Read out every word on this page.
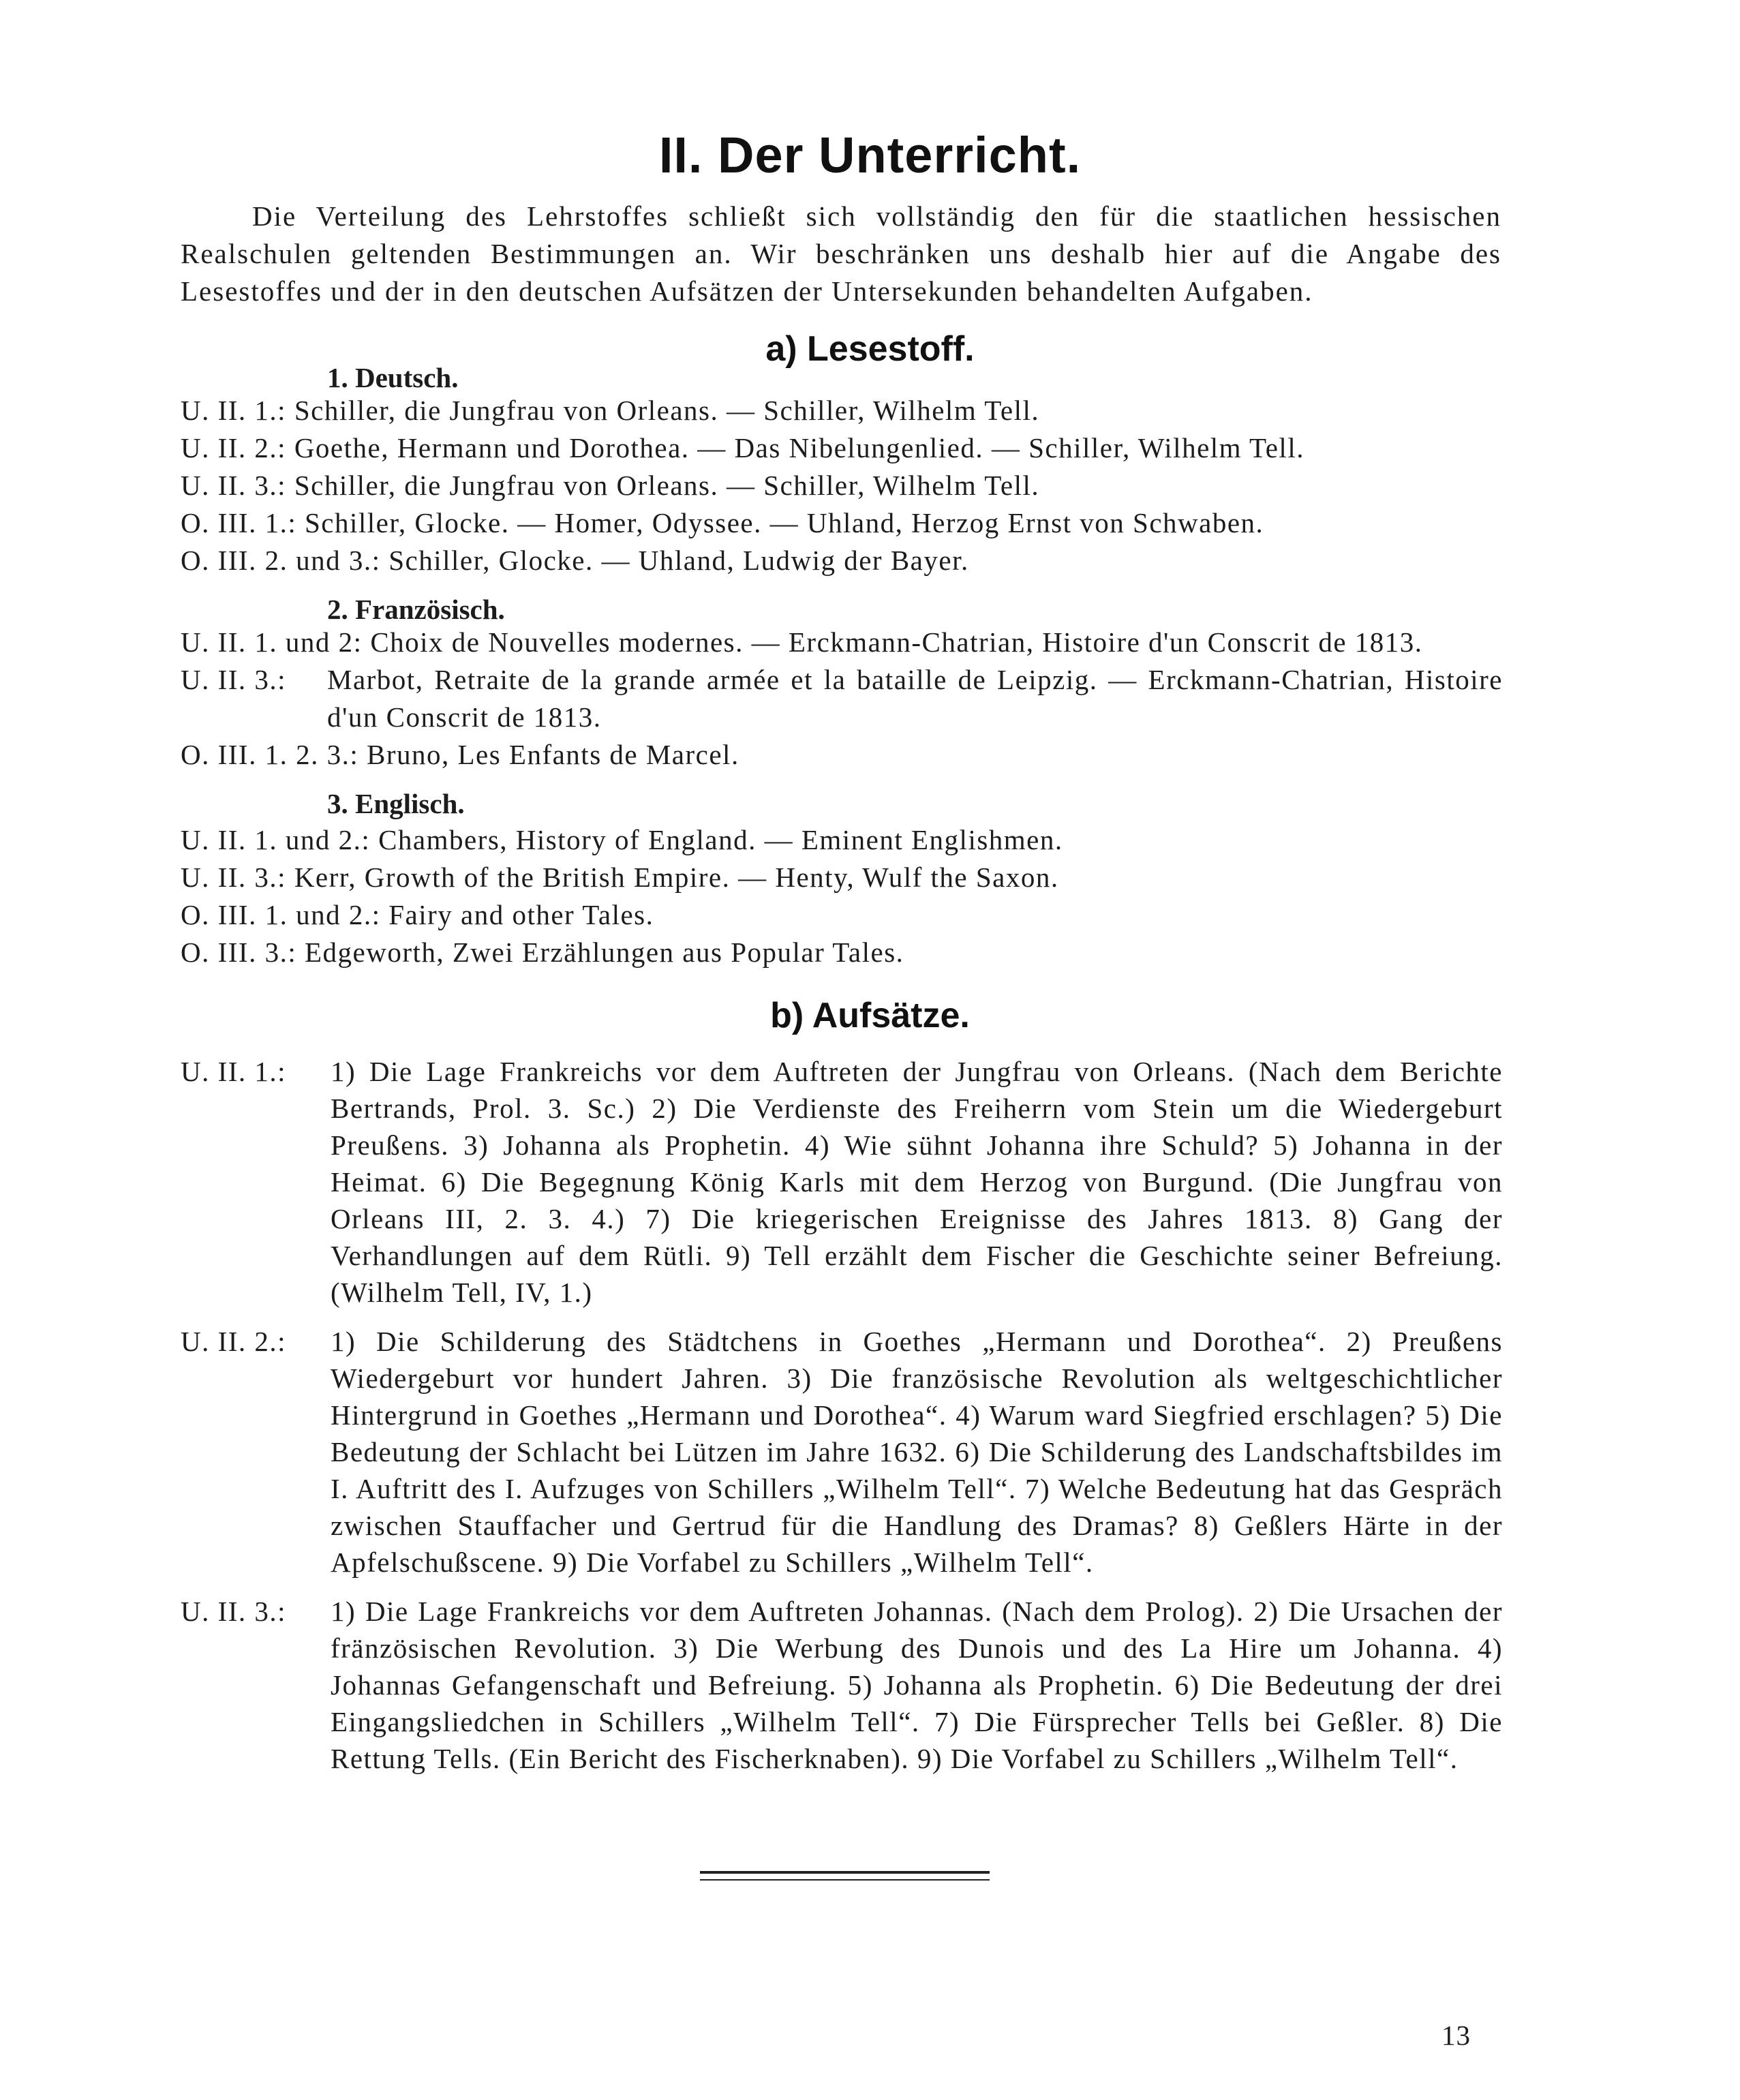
II. Der Unterricht.

Die Verteilung des Lehrstoffes schließt sich vollständig den für die staatlichen hessischen Realschulen geltenden Bestimmungen an. Wir beschränken uns deshalb hier auf die Angabe des Lesestoffes und der in den deutschen Aufsätzen der Untersekunden behandelten Aufgaben.

a) Lesestoff.
1. Deutsch.
U. II. 1.: Schiller, die Jungfrau von Orleans. — Schiller, Wilhelm Tell.
U. II. 2.: Goethe, Hermann und Dorothea. — Das Nibelungenlied. — Schiller, Wilhelm Tell.
U. II. 3.: Schiller, die Jungfrau von Orleans. — Schiller, Wilhelm Tell.
O. III. 1.: Schiller, Glocke. — Homer, Odyssee. — Uhland, Herzog Ernst von Schwaben.
O. III. 2. und 3.: Schiller, Glocke. — Uhland, Ludwig der Bayer.
2. Französisch.
U. II. 1. und 2: Choix de Nouvelles modernes. — Erckmann-Chatrian, Histoire d'un Conscrit de 1813.
U. II. 3.: Marbot, Retraite de la grande armée et la bataille de Leipzig. — Erckmann-Chatrian, Histoire d'un Conscrit de 1813.
O. III. 1. 2. 3.: Bruno, Les Enfants de Marcel.
3. Englisch.
U. II. 1. und 2.: Chambers, History of England. — Eminent Englishmen.
U. II. 3.: Kerr, Growth of the British Empire. — Henty, Wulf the Saxon.
O. III. 1. und 2.: Fairy and other Tales.
O. III. 3.: Edgeworth, Zwei Erzählungen aus Popular Tales.
b) Aufsätze.
U. II. 1.: 1) Die Lage Frankreichs vor dem Auftreten der Jungfrau von Orleans. (Nach dem Berichte Bertrands, Prol. 3. Sc.) 2) Die Verdienste des Freiherrn vom Stein um die Wiedergeburt Preußens. 3) Johanna als Prophetin. 4) Wie sühnt Johanna ihre Schuld? 5) Johanna in der Heimat. 6) Die Begegnung König Karls mit dem Herzog von Burgund. (Die Jungfrau von Orleans III, 2. 3. 4.) 7) Die kriegerischen Ereignisse des Jahres 1813. 8) Gang der Verhandlungen auf dem Rütli. 9) Tell erzählt dem Fischer die Geschichte seiner Befreiung. (Wilhelm Tell, IV, 1.)
U. II. 2.: 1) Die Schilderung des Städtchens in Goethes „Hermann und Dorothea“. 2) Preußens Wiedergeburt vor hundert Jahren. 3) Die französische Revolution als weltgeschichtlicher Hintergrund in Goethes „Hermann und Dorothea“. 4) Warum ward Siegfried erschlagen? 5) Die Bedeutung der Schlacht bei Lützen im Jahre 1632. 6) Die Schilderung des Landschaftsbildes im I. Auftritt des I. Aufzuges von Schillers „Wilhelm Tell“. 7) Welche Bedeutung hat das Gespräch zwischen Stauffacher und Gertrud für die Handlung des Dramas? 8) Geßlers Härte in der Apfelschußscene. 9) Die Vorfabel zu Schillers „Wilhelm Tell“.
U. II. 3.: 1) Die Lage Frankreichs vor dem Auftreten Johannas. (Nach dem Prolog). 2) Die Ursachen der fränzösischen Revolution. 3) Die Werbung des Dunois und des La Hire um Johanna. 4) Johannas Gefangenschaft und Befreiung. 5) Johanna als Prophetin. 6) Die Bedeutung der drei Eingangsliedchen in Schillers „Wilhelm Tell“. 7) Die Fürsprecher Tells bei Geßler. 8) Die Rettung Tells. (Ein Bericht des Fischerknaben). 9) Die Vorfabel zu Schillers „Wilhelm Tell“.
13
